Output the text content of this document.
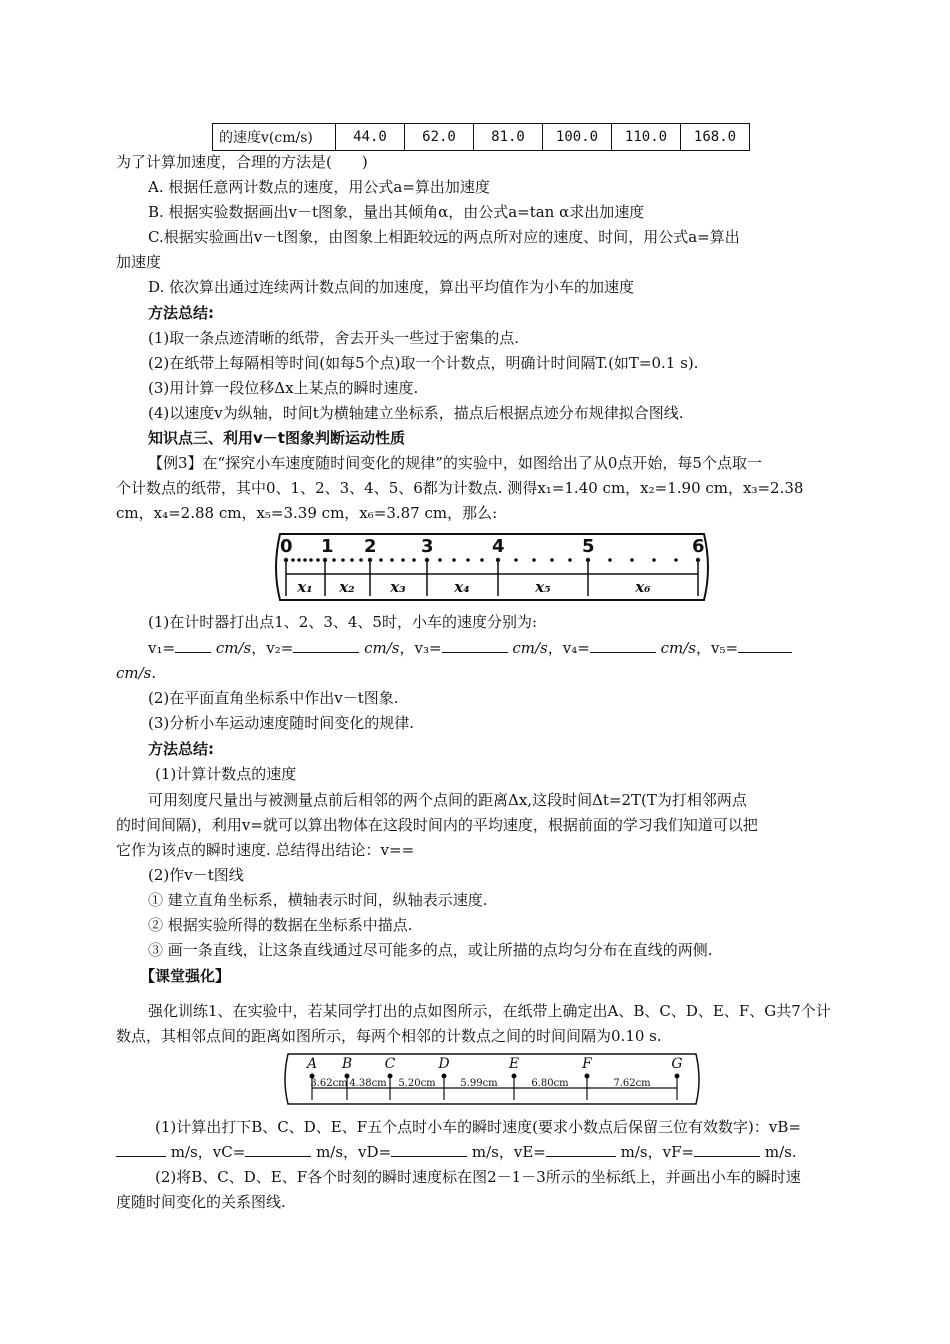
的速度v(cm/s)	44.0	62.0	81.0	100.0	110.0	168.0
为了计算加速度，合理的方法是(　　)
A. 根据任意两计数点的速度，用公式a=算出加速度
B. 根据实验数据画出v－t图象，量出其倾角α，由公式a=tan α求出加速度
C.根据实验画出v－t图象，由图象上相距较远的两点所对应的速度、时间，用公式a=算出
加速度
D. 依次算出通过连续两计数点间的加速度，算出平均值作为小车的加速度
方法总结:
(1)取一条点迹清晰的纸带，舍去开头一些过于密集的点.
(2)在纸带上每隔相等时间(如每5个点)取一个计数点，明确计时间隔T.(如T=0.1 s).
(3)用计算一段位移Δx上某点的瞬时速度.
(4)以速度v为纵轴，时间t为横轴建立坐标系，描点后根据点迹分布规律拟合图线.
知识点三、利用v－t图象判断运动性质
【例3】在“探究小车速度随时间变化的规律”的实验中，如图给出了从0点开始，每5个点取一
个计数点的纸带，其中0、1、2、3、4、5、6都为计数点. 测得x₁=1.40 cm，x₂=1.90 cm，x₃=2.38
cm，x₄=2.88 cm，x₅=3.39 cm，x₆=3.87 cm，那么:
0 1 2 3	4	5	6
x₁ x₂ x₃	x₄	x₅	x₆
(1)在计时器打出点1、2、3、4、5时，小车的速度分别为:
v₁=	cm/s，v₂=	cm/s，v₃=	cm/s，v₄=	cm/s，v₅=
cm/s.
(2)在平面直角坐标系中作出v－t图象.
(3)分析小车运动速度随时间变化的规律.
方法总结:
(1)计算计数点的速度
可用刻度尺量出与被测量点前后相邻的两个点间的距离Δx,这段时间Δt=2T(T为打相邻两点
的时间间隔)，利用v=就可以算出物体在这段时间内的平均速度，根据前面的学习我们知道可以把
它作为该点的瞬时速度. 总结得出结论：v==
(2)作v－t图线
① 建立直角坐标系，横轴表示时间，纵轴表示速度.
② 根据实验所得的数据在坐标系中描点.
③ 画一条直线，让这条直线通过尽可能多的点，或让所描的点均匀分布在直线的两侧.
【课堂强化】
强化训练1、在实验中，若某同学打出的点如图所示，在纸带上确定出A、B、C、D、E、F、G共7个计
数点，其相邻点间的距离如图所示，每两个相邻的计数点之间的时间间隔为0.10 s.
A B C	D	E	F	G
3.62cm 4.38cm 5.20cm 5.99cm	6.80cm	7.62cm
(1)计算出打下B、C、D、E、F五个点时小车的瞬时速度(要求小数点后保留三位有效数字)：vB=
m/s，vC=	m/s，vD=	m/s，vE=	m/s，vF=	m/s.
(2)将B、C、D、E、F各个时刻的瞬时速度标在图2－1－3所示的坐标纸上，并画出小车的瞬时速
度随时间变化的关系图线.
